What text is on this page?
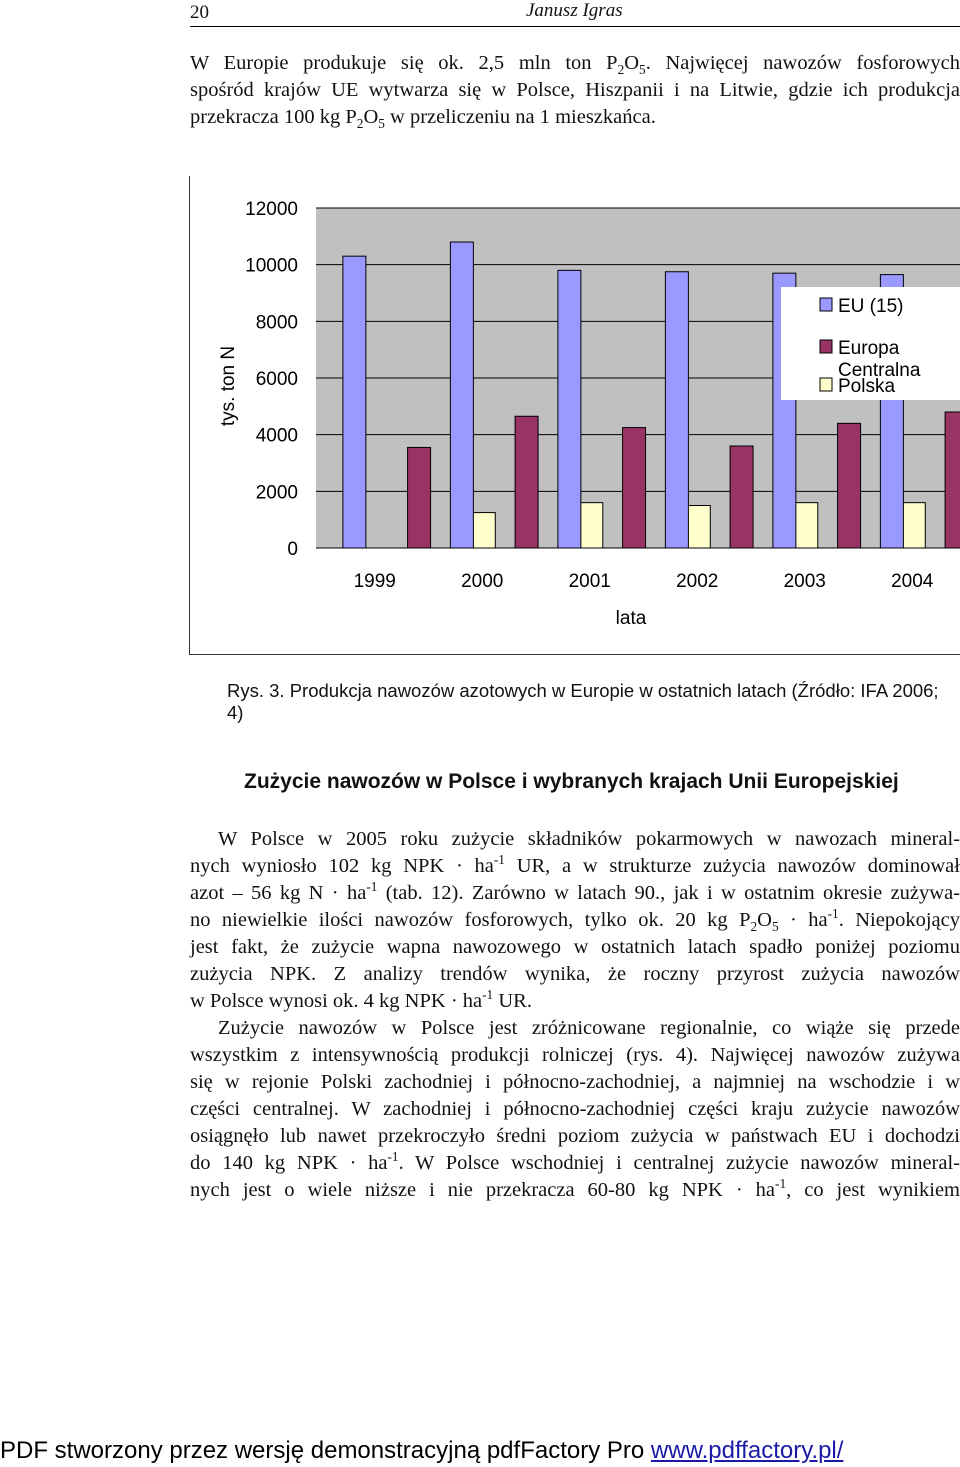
20	Janusz Igras
W Europie produkuje się ok. 2,5 mln ton $P_2O_5$. Najwięcej nawozów fosforowych
spośród krajów UE wytwarza się w Polsce, Hiszpanii i na Litwie, gdzie ich produkcja
przekracza 100 kg $P_2O_5$ w przeliczeniu na 1 mieszkańca.
0
2000
4000
6000
8000
10000
12000
tys. ton N
1999	2000	2001	2002	2003	2004
lata
EU (15)
Europa
Polska
Centralna
Rys. 3. Produkcja nawozów azotowych w Europie w ostatnich latach (Źródło: IFA 2006; 4)
Zużycie nawozów w Polsce i wybranych krajach Unii Europejskiej
W Polsce w 2005 roku zużycie składników pokarmowych w nawozach mineral-
nych wyniosło 102 kg NPK · $ha^{-1}$ UR, a w strukturze zużycia nawozów dominował
azot – 56 kg $N \cdot ha^{-1}$ (tab. 12). Zarówno w latach 90., jak i w ostatnim okresie zużywa-
no niewielkie ilości nawozów fosforowych, tylko ok. 20 kg $P_2O_5 \cdot ha^{-1}$. Niepokojący
jest fakt, że zużycie wapna nawozowego w ostatnich latach spadło poniżej poziomu
zużycia NPK. Z analizy trendów wynika, że roczny przyrost zużycia nawozów
w Polsce wynosi ok. 4 kg NPK · $ha^{-1}$ UR.
Zużycie nawozów w Polsce jest zróżnicowane regionalnie, co wiąże się przede
wszystkim z intensywnością produkcji rolniczej (rys. 4). Najwięcej nawozów zużywa
się w rejonie Polski zachodniej i północno-zachodniej, a najmniej na wschodzie i w
części centralnej. W zachodniej i północno-zachodniej części kraju zużycie nawozów
osiągnęło lub nawet przekroczyło średni poziom zużycia w państwach EU i dochodzi
do 140 kg NPK · $ha^{-1}$. W Polsce wschodniej i centralnej zużycie nawozów mineral-
nych jest o wiele niższe i nie przekracza 60-80 kg NPK · $ha^{-1}$, co jest wynikiem
PDF stworzony przez wersję demonstracyjną pdfFactory Pro www.pdffactory.pl/
